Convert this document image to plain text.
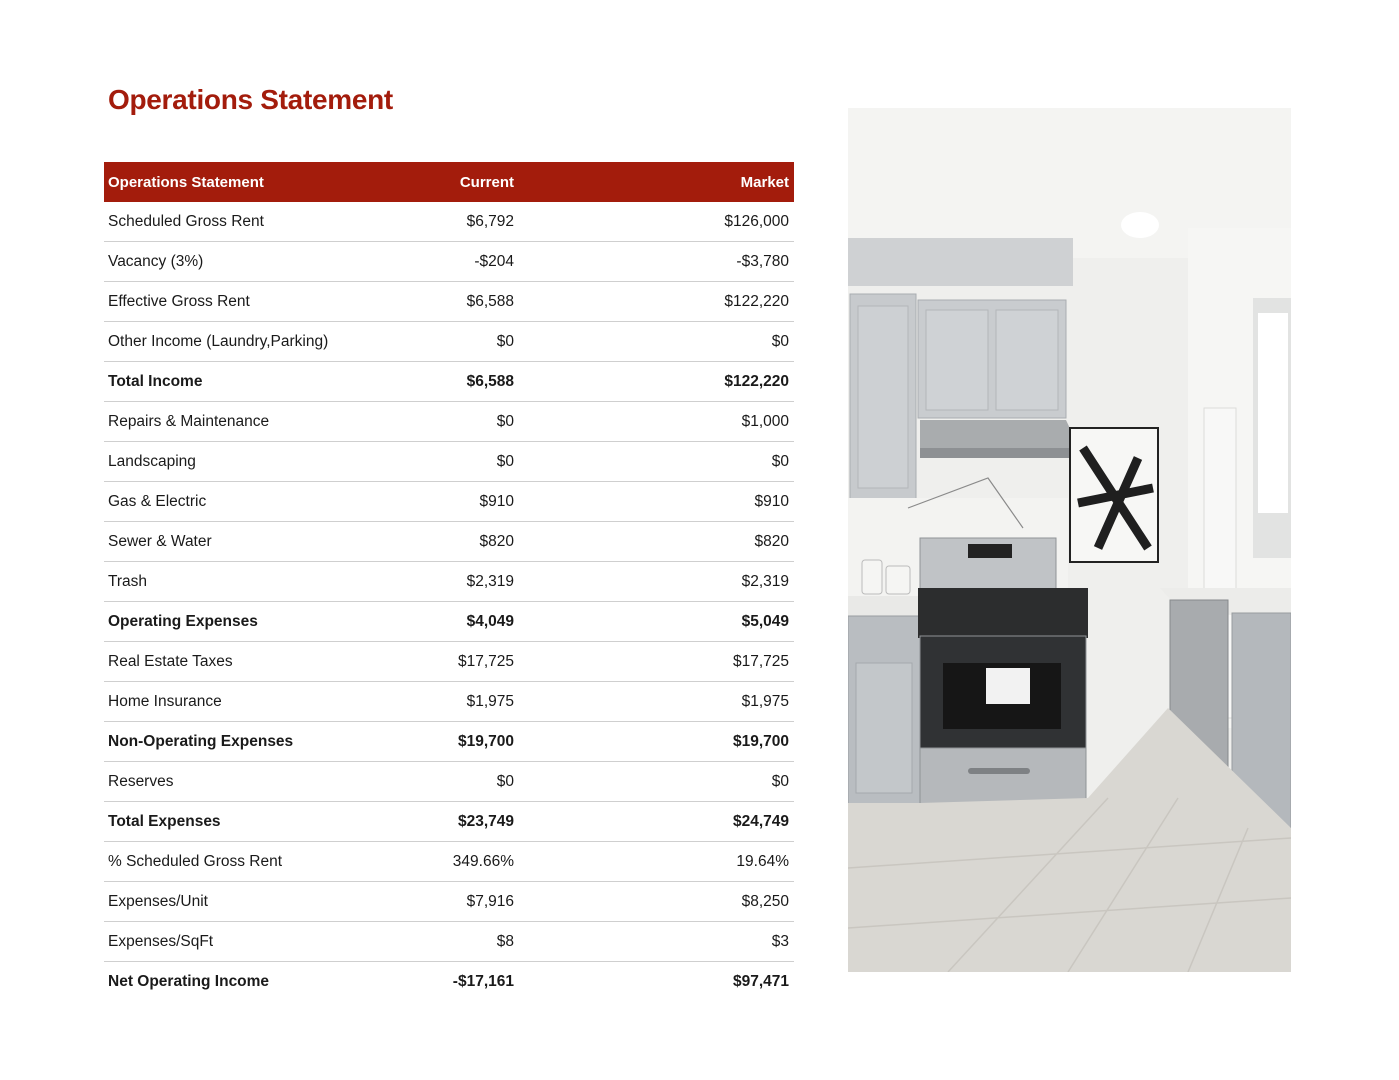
Operations Statement
Operations Statement	Current	Market
Scheduled Gross Rent	$6,792	$126,000
Vacancy (3%)	-$204	-$3,780
Effective Gross Rent	$6,588	$122,220
Other Income (Laundry,Parking)	$0	$0
Total Income	$6,588	$122,220
Repairs & Maintenance	$0	$1,000
Landscaping	$0	$0
Gas & Electric	$910	$910
Sewer & Water	$820	$820
Trash	$2,319	$2,319
Operating Expenses	$4,049	$5,049
Real Estate Taxes	$17,725	$17,725
Home Insurance	$1,975	$1,975
Non-Operating Expenses	$19,700	$19,700
Reserves	$0	$0
Total Expenses	$23,749	$24,749
% Scheduled Gross Rent	349.66%	19.64%
Expenses/Unit	$7,916	$8,250
Expenses/SqFt	$8	$3
Net Operating Income	-$17,161	$97,471
